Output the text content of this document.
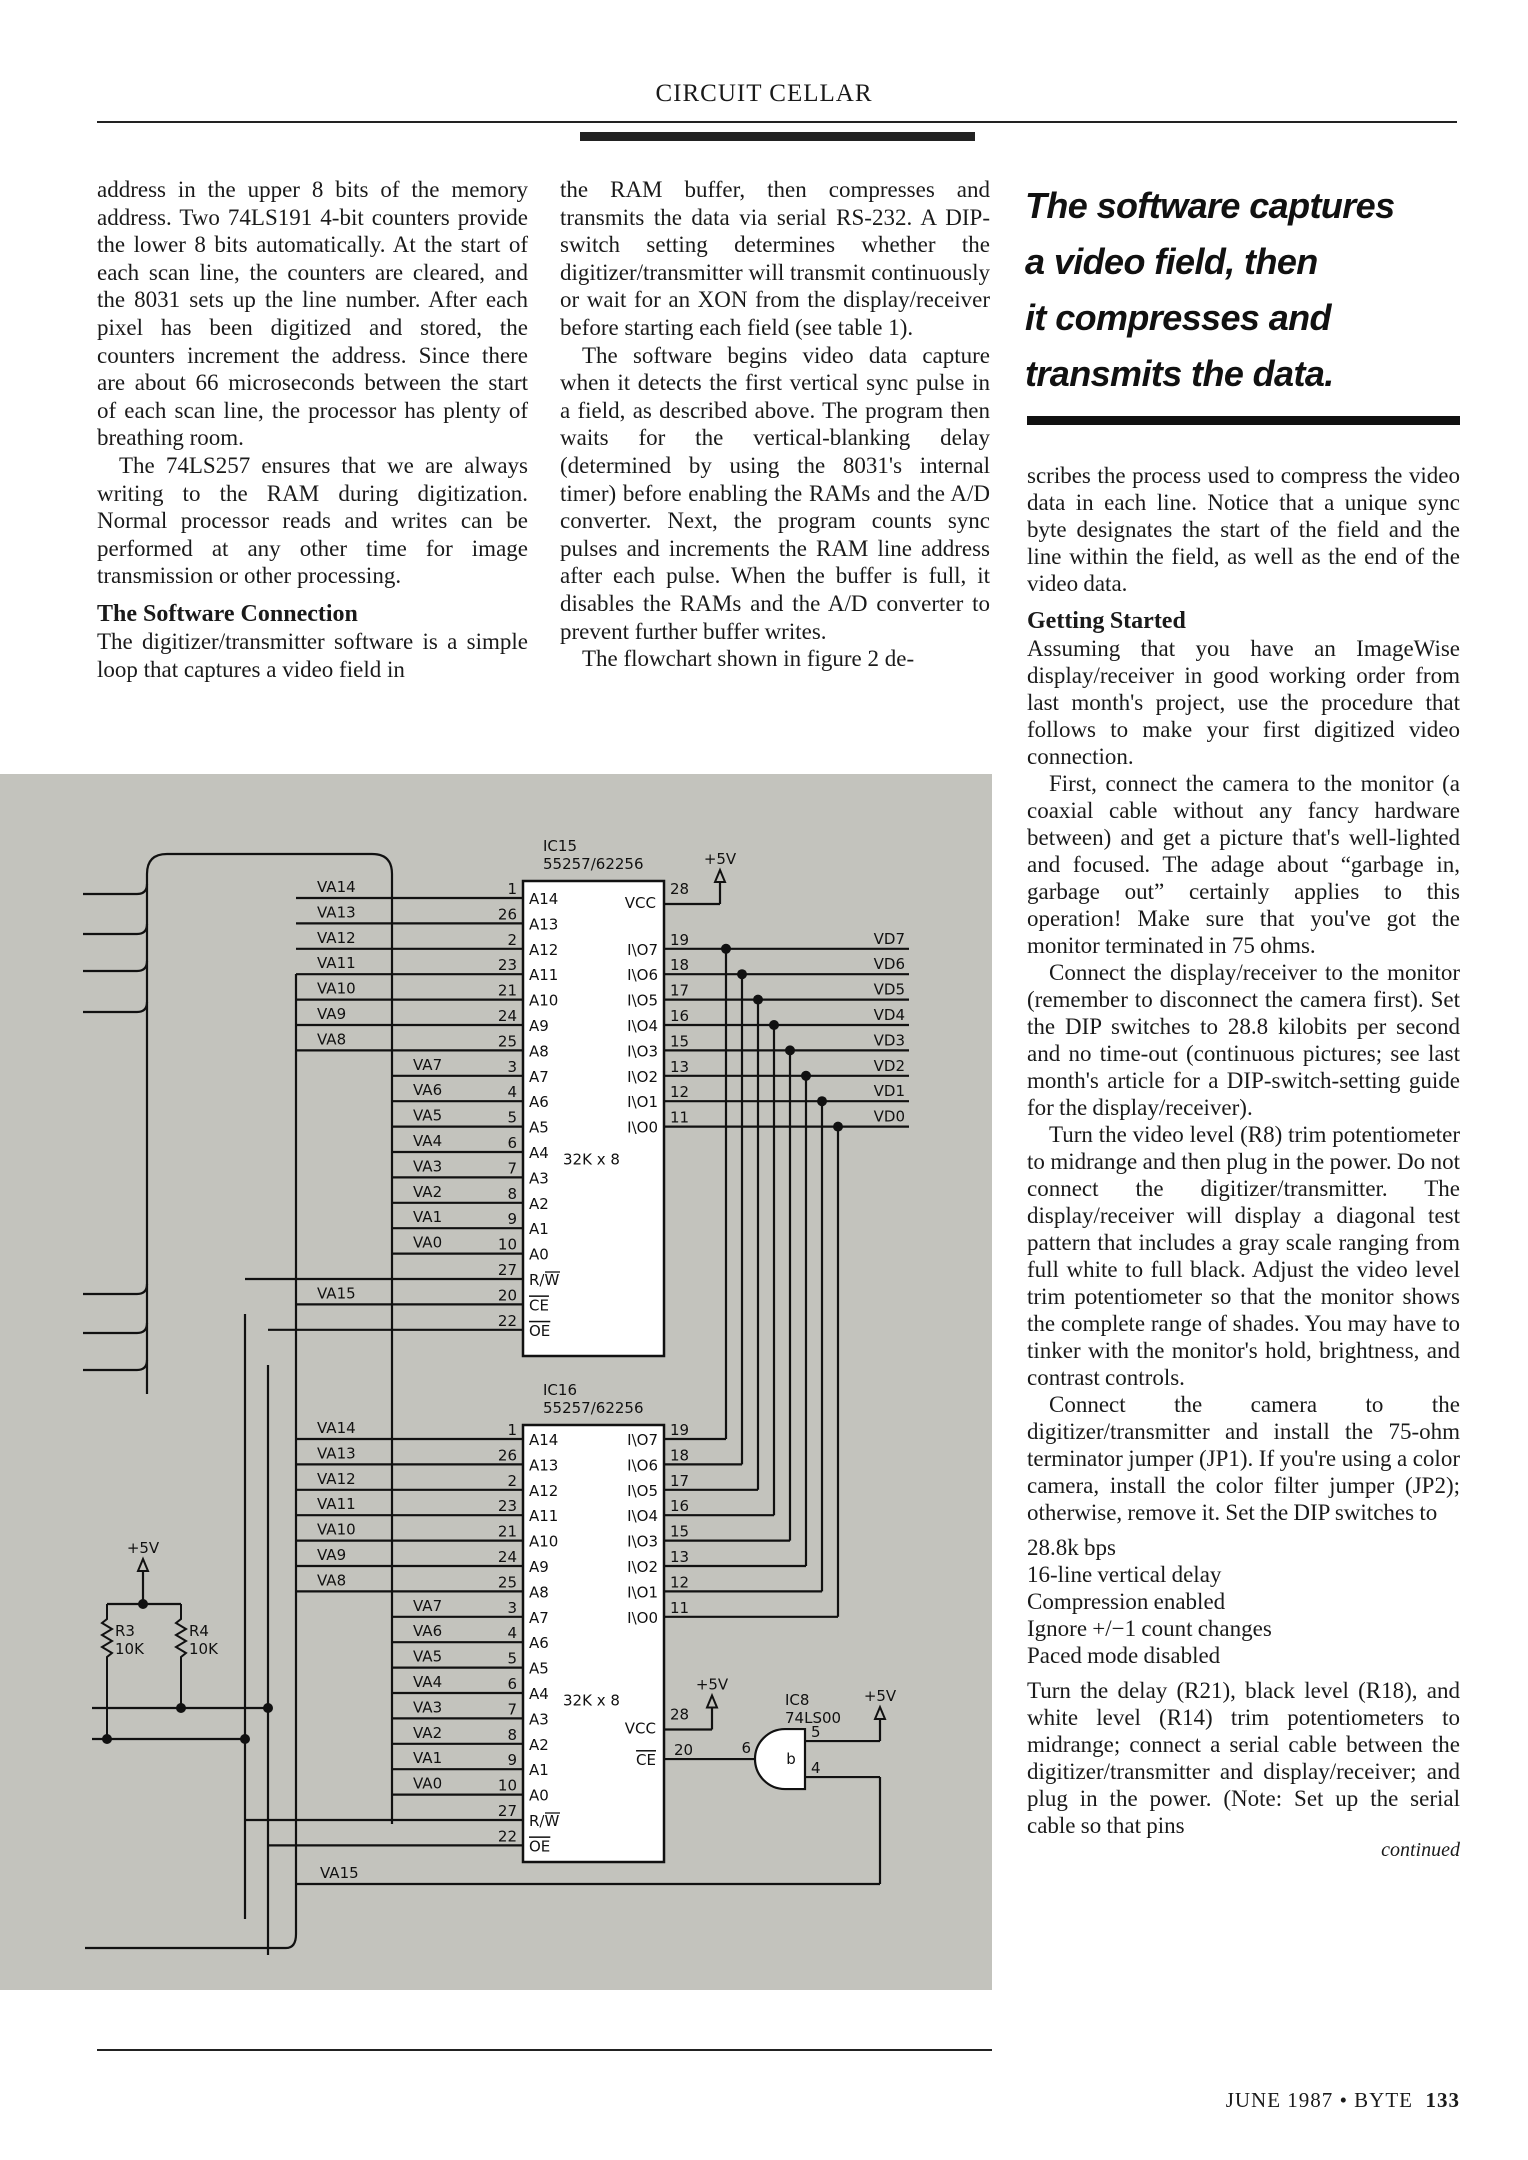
CIRCUIT CELLAR

address in the upper 8 bits of the memory address. Two 74LS191 4-bit counters provide the lower 8 bits automatically. At the start of each scan line, the counters are cleared, and the 8031 sets up the line number. After each pixel has been digitized and stored, the counters increment the address. Since there are about 66 microseconds between the start of each scan line, the processor has plenty of breathing room.

The 74LS257 ensures that we are always writing to the RAM during digitization. Normal processor reads and writes can be performed at any other time for image transmission or other processing.

The Software Connection

The digitizer/transmitter software is a simple loop that captures a video field in

the RAM buffer, then compresses and transmits the data via serial RS-232. A DIP-switch setting determines whether the digitizer/transmitter will transmit continuously or wait for an XON from the display/receiver before starting each field (see table 1).

The software begins video data capture when it detects the first vertical sync pulse in a field, as described above. The program then waits for the vertical-blanking delay (determined by using the 8031's internal timer) before enabling the RAMs and the A/D converter. Next, the program counts sync pulses and increments the RAM line address after each pulse. When the buffer is full, it disables the RAMs and the A/D converter to prevent further buffer writes.

The flowchart shown in figure 2 de-

The software captures
a video field, then
it compresses and
transmits the data.

scribes the process used to compress the video data in each line. Notice that a unique sync byte designates the start of the field and the line within the field, as well as the end of the video data.

Getting Started

Assuming that you have an ImageWise display/receiver in good working order from last month's project, use the procedure that follows to make your first digitized video connection.

First, connect the camera to the monitor (a coaxial cable without any fancy hardware between) and get a picture that's well-lighted and focused. The adage about “garbage in, garbage out” certainly applies to this operation! Make sure that you've got the monitor terminated in 75 ohms.

Connect the display/receiver to the monitor (remember to disconnect the camera first). Set the DIP switches to 28.8 kilobits per second and no time-out (continuous pictures; see last month's article for a DIP-switch-setting guide for the display/receiver).

Turn the video level (R8) trim potentiometer to midrange and then plug in the power. Do not connect the digitizer/transmitter. The display/receiver will display a diagonal test pattern that includes a gray scale ranging from full white to full black. Adjust the video level trim potentiometer so that the monitor shows the complete range of shades. You may have to tinker with the monitor's hold, brightness, and contrast controls.

Connect the camera to the digitizer/transmitter and install the 75-ohm terminator jumper (JP1). If you're using a color camera, install the color filter jumper (JP2); otherwise, remove it. Set the DIP switches to

28.8k bps
16-line vertical delay
Compression enabled
Ignore +/−1 count changes
Paced mode disabled

Turn the delay (R21), black level (R18), and white level (R14) trim potentiometers to midrange; connect a serial cable between the digitizer/transmitter and display/receiver; and plug in the power. (Note: Set up the serial cable so that pins

continued
IC15
55257/62256
32K x 8
1
A14
VA14
26
A13
VA13
2
A12
VA12
23
A11
VA11
21
A10
VA10
24
A9
VA9
25
A8
VA8
3
A7
VA7
4
A6
VA6
5
A5
VA5
6
A4
VA4
7
A3
VA3
8
A2
VA2
9
A1
VA1
10
A0
VA0
27
R/W
20
CE
VA15
22
OE
28
VCC
+5V
19
I\O7
VD7
18
I\O6
VD6
17
I\O5
VD5
16
I\O4
VD4
15
I\O3
VD3
13
I\O2
VD2
12
I\O1
VD1
11
I\O0
VD0
IC16
55257/62256
32K x 8
1
A14
VA14
26
A13
VA13
2
A12
VA12
23
A11
VA11
21
A10
VA10
24
A9
VA9
25
A8
VA8
3
A7
VA7
4
A6
VA6
5
A5
VA5
6
A4
VA4
7
A3
VA3
8
A2
VA2
9
A1
VA1
10
A0
VA0
27
R/W
22
OE
19
I\O7
18
I\O6
17
I\O5
16
I\O4
15
I\O3
13
I\O2
12
I\O1
11
I\O0
VCC
28
+5V
CE
20	b
IC8
74LS00
6
+5V
5
4
VA15
+5V
R3
10K
R4
10K
JUNE 1987 • BYTE 133
